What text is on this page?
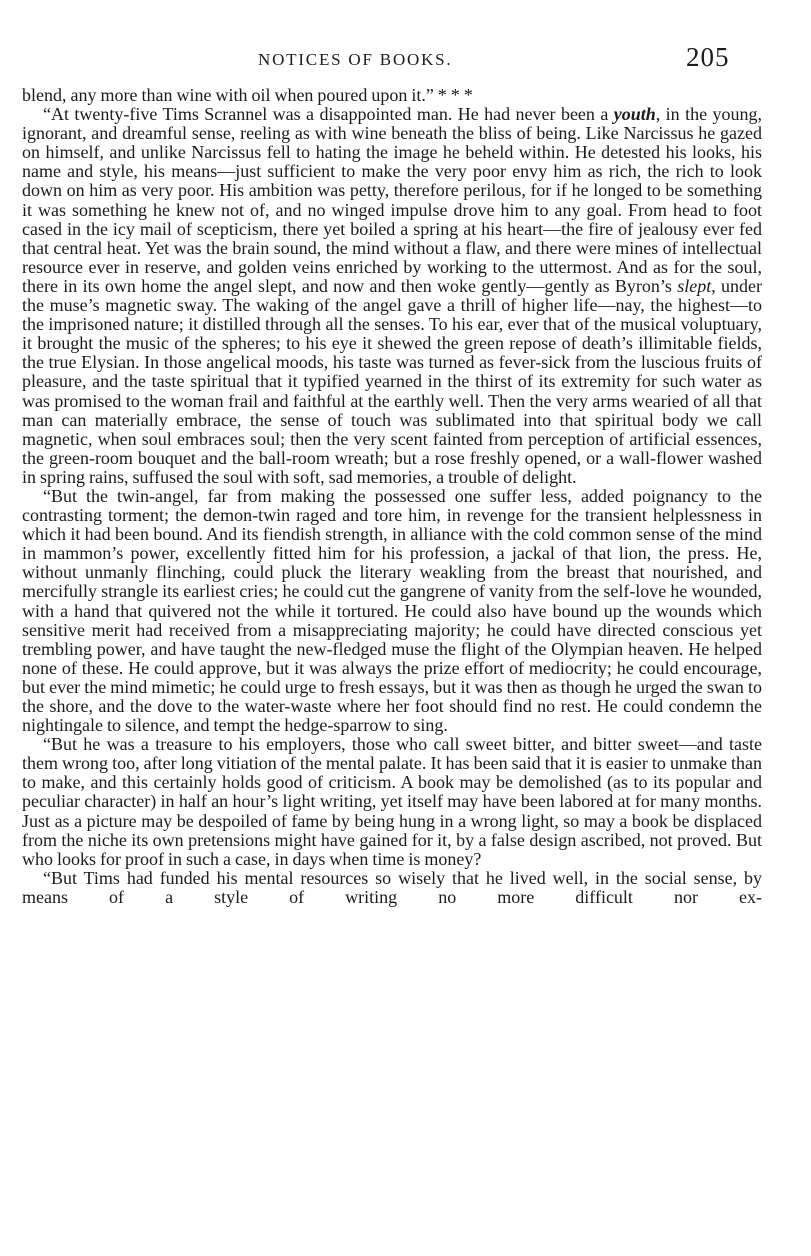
NOTICES OF BOOKS.	205

blend, any more than wine with oil when poured upon it.” * * *

“At twenty-five Tims Scrannel was a disappointed man. He had never been a youth, in the young, ignorant, and dreamful sense, reeling as with wine beneath the bliss of being. Like Narcissus he gazed on himself, and unlike Narcissus fell to hating the image he beheld within. He detested his looks, his name and style, his means—just sufficient to make the very poor envy him as rich, the rich to look down on him as very poor. His ambition was petty, therefore perilous, for if he longed to be something it was something he knew not of, and no winged impulse drove him to any goal. From head to foot cased in the icy mail of scepticism, there yet boiled a spring at his heart—the fire of jealousy ever fed that central heat. Yet was the brain sound, the mind without a flaw, and there were mines of intellectual resource ever in reserve, and golden veins enriched by working to the uttermost. And as for the soul, there in its own home the angel slept, and now and then woke gently—gently as Byron’s slept, under the muse’s magnetic sway. The waking of the angel gave a thrill of higher life—nay, the highest—to the imprisoned nature; it distilled through all the senses. To his ear, ever that of the musical voluptuary, it brought the music of the spheres; to his eye it shewed the green repose of death’s illimitable fields, the true Elysian. In those angelical moods, his taste was turned as fever-sick from the luscious fruits of pleasure, and the taste spiritual that it typified yearned in the thirst of its extremity for such water as was promised to the woman frail and faithful at the earthly well. Then the very arms wearied of all that man can materially embrace, the sense of touch was sublimated into that spiritual body we call magnetic, when soul embraces soul; then the very scent fainted from perception of artificial essences, the green-room bouquet and the ball-room wreath; but a rose freshly opened, or a wall-flower washed in spring rains, suffused the soul with soft, sad memories, a trouble of delight.

“But the twin-angel, far from making the possessed one suffer less, added poignancy to the contrasting torment; the demon-twin raged and tore him, in revenge for the transient helplessness in which it had been bound. And its fiendish strength, in alliance with the cold common sense of the mind in mammon’s power, excellently fitted him for his profession, a jackal of that lion, the press. He, without unmanly flinching, could pluck the literary weakling from the breast that nourished, and mercifully strangle its earliest cries; he could cut the gangrene of vanity from the self-love he wounded, with a hand that quivered not the while it tortured. He could also have bound up the wounds which sensitive merit had received from a misappreciating majority; he could have directed conscious yet trembling power, and have taught the new-fledged muse the flight of the Olympian heaven. He helped none of these. He could approve, but it was always the prize effort of mediocrity; he could encourage, but ever the mind mimetic; he could urge to fresh essays, but it was then as though he urged the swan to the shore, and the dove to the water-waste where her foot should find no rest. He could condemn the nightingale to silence, and tempt the hedge-sparrow to sing.

“But he was a treasure to his employers, those who call sweet bitter, and bitter sweet—and taste them wrong too, after long vitiation of the mental palate. It has been said that it is easier to unmake than to make, and this certainly holds good of criticism. A book may be demolished (as to its popular and peculiar character) in half an hour’s light writing, yet itself may have been labored at for many months. Just as a picture may be despoiled of fame by being hung in a wrong light, so may a book be displaced from the niche its own pretensions might have gained for it, by a false design ascribed, not proved. But who looks for proof in such a case, in days when time is money?

“But Tims had funded his mental resources so wisely that he lived well, in the social sense, by means of a style of writing no more difficult nor ex-
